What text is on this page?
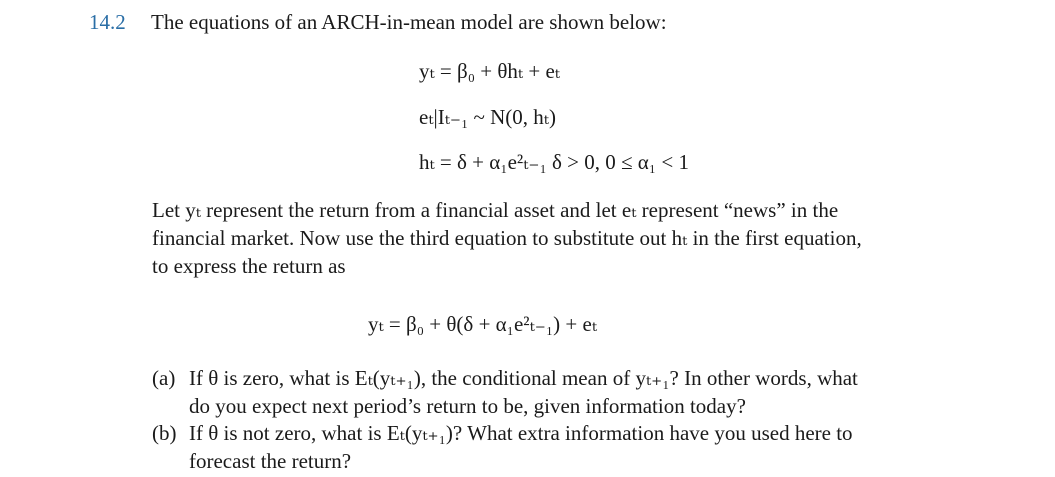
14.2 The equations of an ARCH-in-mean model are shown below:
yₜ = β₀ + θhₜ + eₜ
eₜ|Iₜ₋₁ ~ N(0, hₜ)
hₜ = δ + α₁e²ₜ₋₁ δ > 0, 0 ≤ α₁ < 1

Let yₜ represent the return from a financial asset and let eₜ represent “news” in the

financial market. Now use the third equation to substitute out hₜ in the first equation,

to express the return as

yₜ = β₀ + θ(δ + α₁e²ₜ₋₁) + eₜ
(a) If θ is zero, what is Eₜ(yₜ₊₁), the conditional mean of yₜ₊₁? In other words, what
do you expect next period’s return to be, given information today?
(b) If θ is not zero, what is Eₜ(yₜ₊₁)? What extra information have you used here to
forecast the return?
